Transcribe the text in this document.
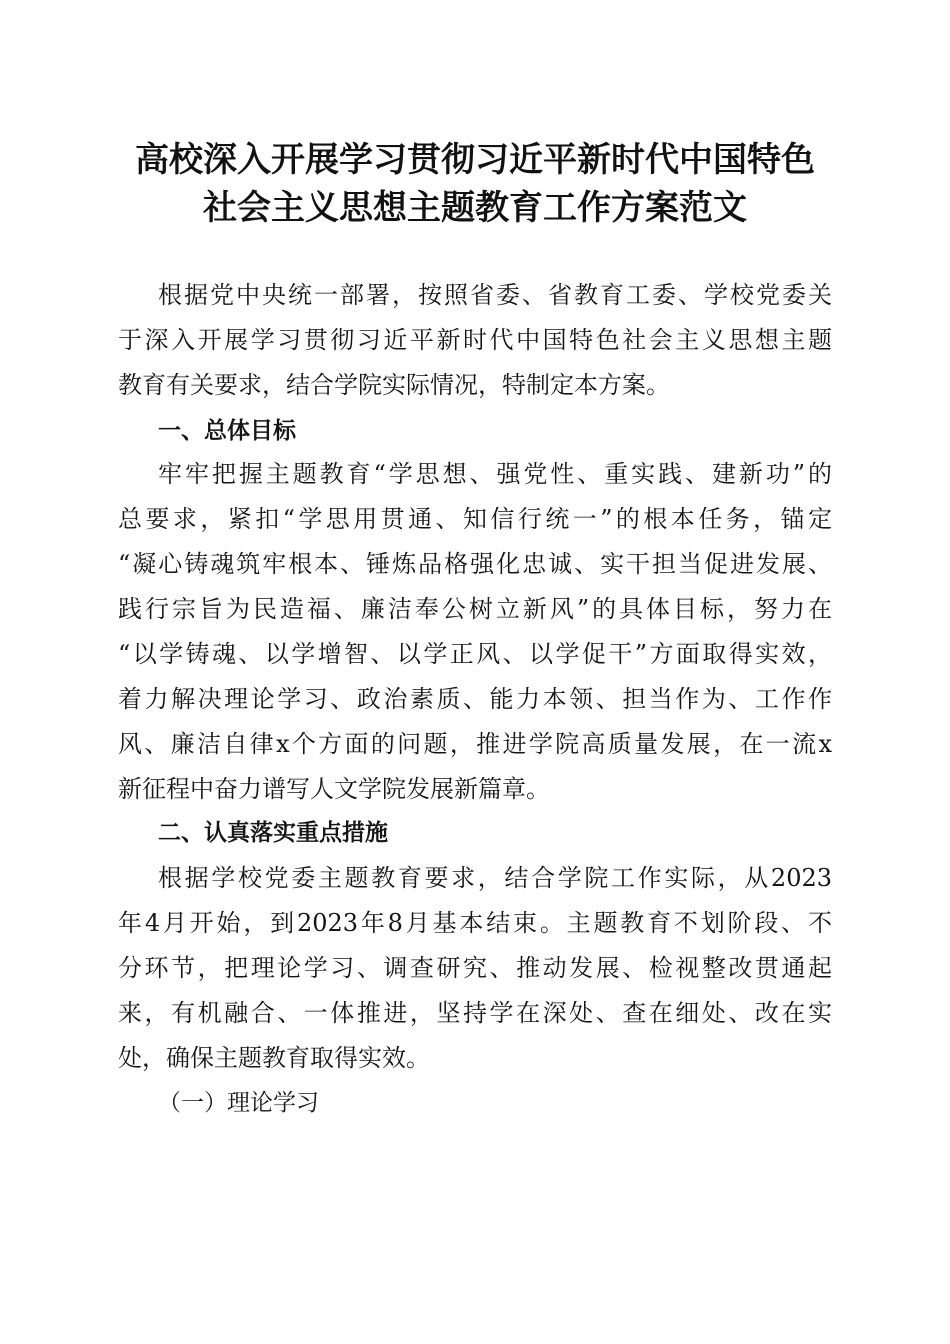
高校深入开展学习贯彻习近平新时代中国特色
社会主义思想主题教育工作方案范文
根据党中央统一部署，按照省委、省教育工委、学校党委关
于深入开展学习贯彻习近平新时代中国特色社会主义思想主题
教育有关要求，结合学院实际情况，特制定本方案。
一、总体目标
牢牢把握主题教育“学思想、强党性、重实践、建新功”的
总要求，紧扣“学思用贯通、知信行统一”的根本任务，锚定
“凝心铸魂筑牢根本、锤炼品格强化忠诚、实干担当促进发展、
践行宗旨为民造福、廉洁奉公树立新风”的具体目标，努力在
“以学铸魂、以学增智、以学正风、以学促干”方面取得实效，
着力解决理论学习、政治素质、能力本领、担当作为、工作作
风、廉洁自律x个方面的问题，推进学院高质量发展，在一流x
新征程中奋力谱写人文学院发展新篇章。
二、认真落实重点措施
根据学校党委主题教育要求，结合学院工作实际，从2023
年4月开始，到2023年8月基本结束。主题教育不划阶段、不
分环节，把理论学习、调查研究、推动发展、检视整改贯通起
来，有机融合、一体推进，坚持学在深处、查在细处、改在实
处，确保主题教育取得实效。
（一）理论学习
